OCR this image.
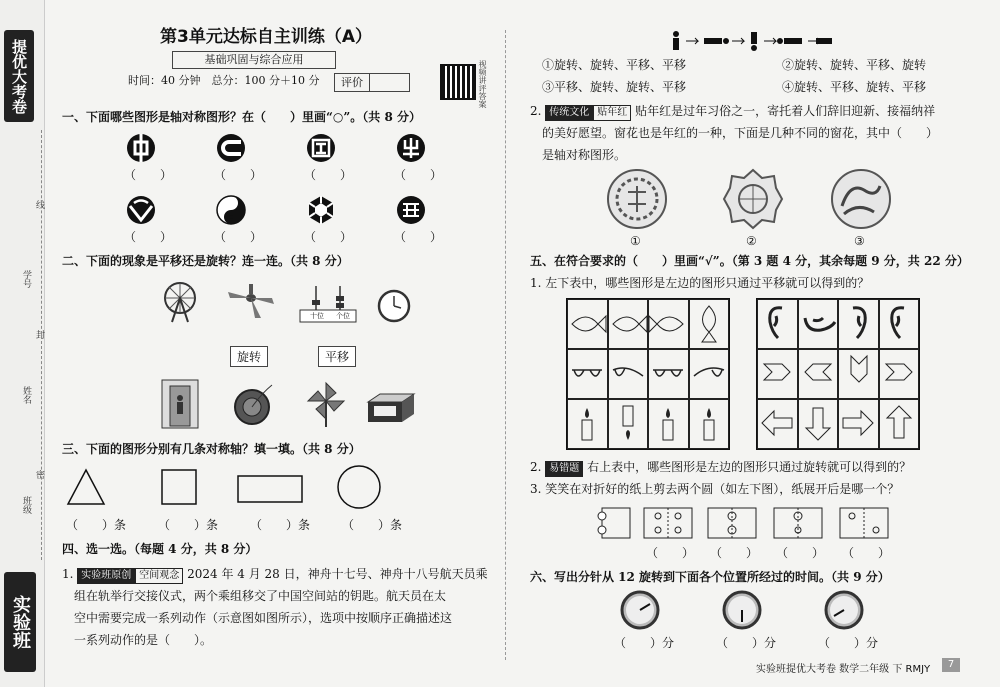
提优大考卷
班级
姓名
学号
线
封
密
实验班
第3单元达标自主训练（A）
基础巩固与综合应用
时间：40 分钟　总分：100 分＋10 分	评价	视频讲评答案
一、下面哪些图形是轴对称图形？在（　　）里画“○”。（共 8 分）
（　　）	（　　）	（　　）	（　　）
（　　）	（　　）	（　　）	（　　）
二、下面的现象是平移还是旋转？连一连。（共 8 分）
十位 个位
旋转	平移
三、下面的图形分别有几条对称轴？填一填。（共 8 分）
（　　）条	（　　）条	（　　）条	（　　）条
四、选一选。（每题 4 分，共 8 分）
1. 实验班原创 空间观念 2024 年 4 月 28 日，神舟十七号、神舟十八号航天员乘
组在轨举行交接仪式，两个乘组移交了中国空间站的钥匙。航天员在太
空中需要完成一系列动作（示意图如图所示），选项中按顺序正确描述这
一系列动作的是（　　）。
①旋转、旋转、平移、平移	②旋转、旋转、平移、旋转
③平移、旋转、旋转、平移	④旋转、平移、旋转、平移
2. 传统文化 贴年红 贴年红是过年习俗之一，寄托着人们辞旧迎新、接福纳祥
的美好愿望。窗花也是年红的一种，下面是几种不同的窗花，其中（　　）
是轴对称图形。
①	②	③
五、在符合要求的（　　）里画“√”。（第 3 题 4 分，其余每题 9 分，共 22 分）
1. 左下表中，哪些图形是左边的图形只通过平移就可以得到的？
2. 易错题 右上表中，哪些图形是左边的图形只通过旋转就可以得到的？
3. 笑笑在对折好的纸上剪去两个圆（如左下图），纸展开后是哪一个？
（　　） （　　） （　　） （　　）
六、写出分针从 12 旋转到下面各个位置所经过的时间。（共 9 分）
（　　）分	（　　）分	（　　）分
实验班提优大考卷 数学二年级 下 RMJY	7
